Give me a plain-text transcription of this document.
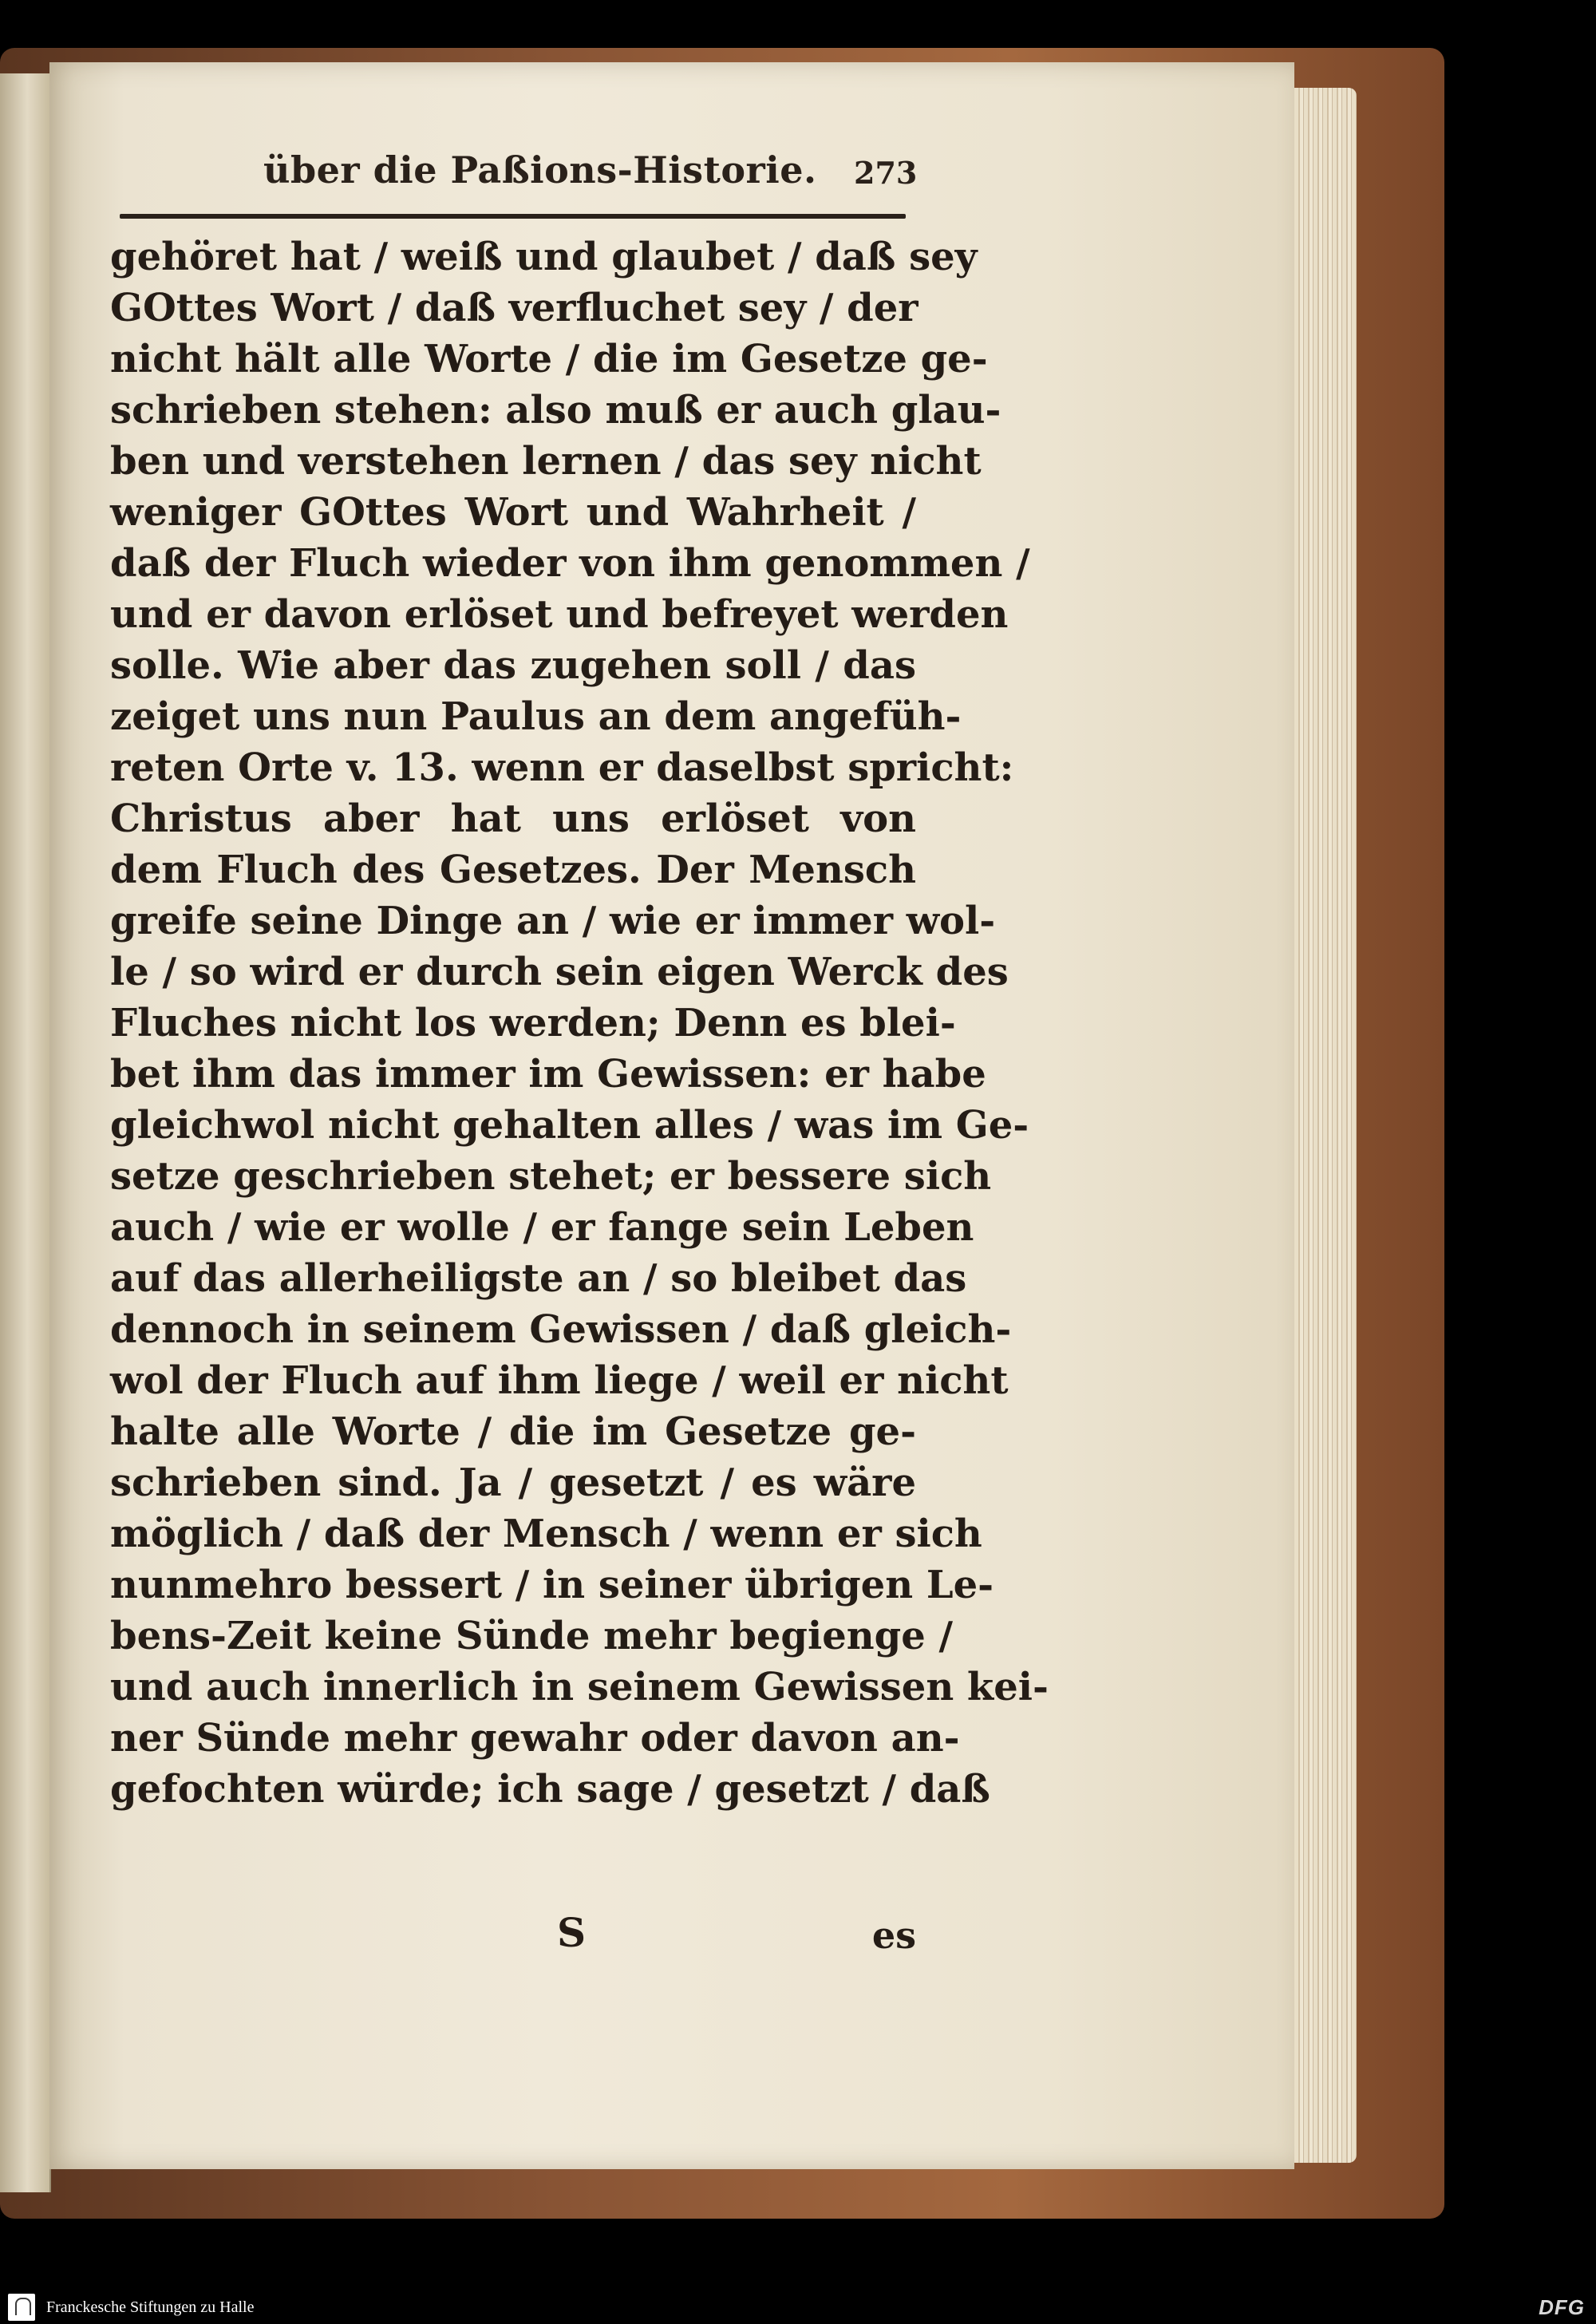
über die Paßions-Historie. 273
gehöret hat / weiß und glaubet / daß sey
GOttes Wort / daß verfluchet sey / der
nicht hält alle Worte / die im Gesetze ge-
schrieben stehen: also muß er auch glau-
ben und verstehen lernen / das sey nicht
weniger GOttes Wort und Wahrheit /
daß der Fluch wieder von ihm genommen /
und er davon erlöset und befreyet werden
solle. Wie aber das zugehen soll / das
zeiget uns nun Paulus an dem angefüh-
reten Orte v. 13. wenn er daselbst spricht:
Christus aber hat uns erlöset von
dem Fluch des Gesetzes. Der Mensch
greife seine Dinge an / wie er immer wol-
le / so wird er durch sein eigen Werck des
Fluches nicht los werden; Denn es blei-
bet ihm das immer im Gewissen: er habe
gleichwol nicht gehalten alles / was im Ge-
setze geschrieben stehet; er bessere sich
auch / wie er wolle / er fange sein Leben
auf das allerheiligste an / so bleibet das
dennoch in seinem Gewissen / daß gleich-
wol der Fluch auf ihm liege / weil er nicht
halte alle Worte / die im Gesetze ge-
schrieben sind. Ja / gesetzt / es wäre
möglich / daß der Mensch / wenn er sich
nunmehro bessert / in seiner übrigen Le-
bens-Zeit keine Sünde mehr begienge /
und auch innerlich in seinem Gewissen kei-
ner Sünde mehr gewahr oder davon an-
gefochten würde; ich sage / gesetzt / daß
S	es
Franckesche Stiftungen zu Halle	DFG
